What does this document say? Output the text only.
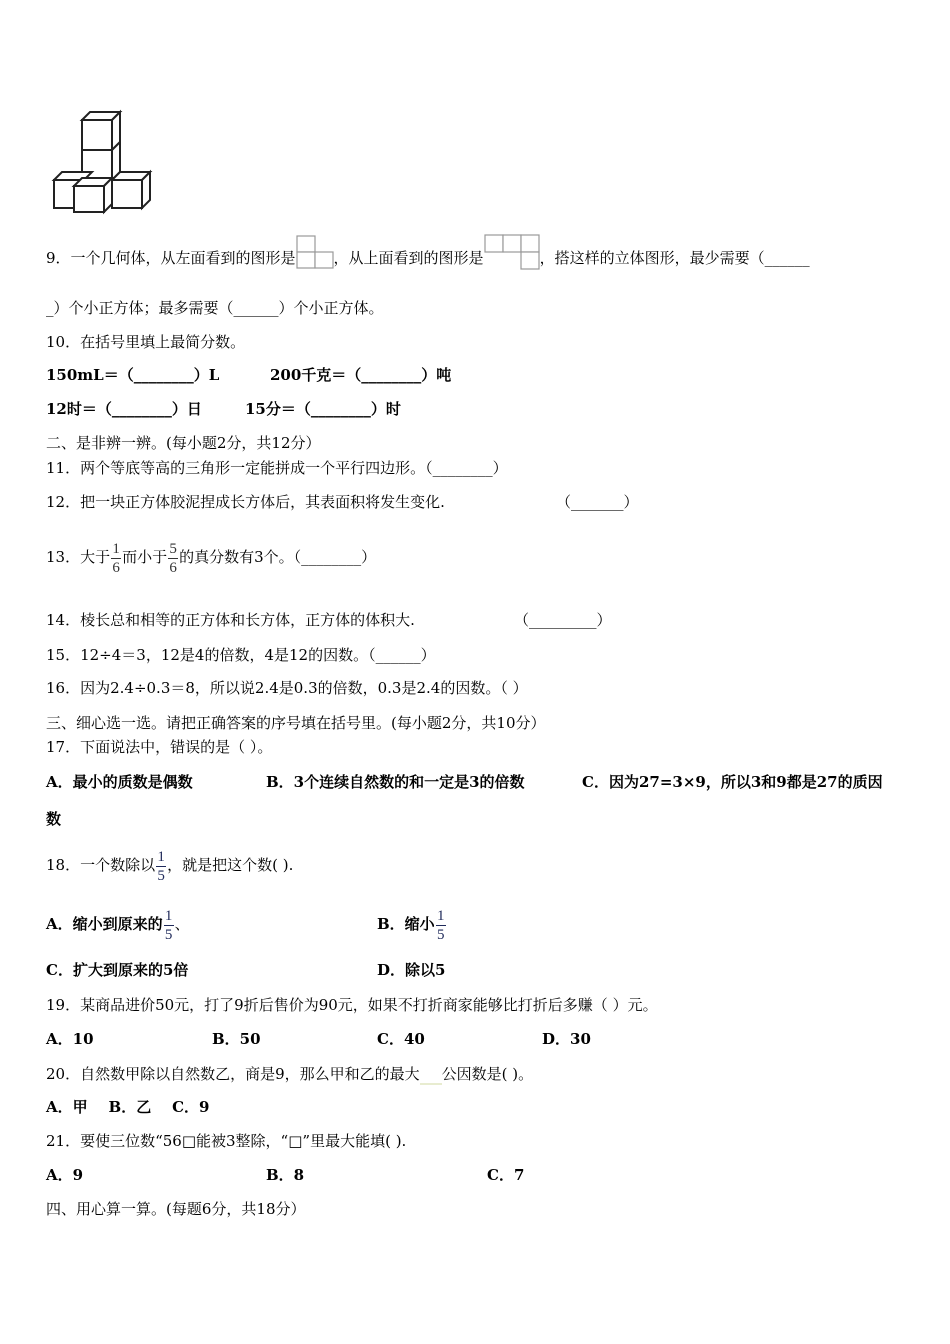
9．一个几何体，从左面看到的图形是	，从上面看到的图形是	，搭这样的立体图形，最少需要（______
_）个小正方体；最多需要（______）个小正方体。
10．在括号里填上最简分数。
150mL＝（________）L	200千克＝（________）吨
12时＝（________）日	15分＝（________）时
二、是非辨一辨。(每小题2分，共12分）
11．两个等底等高的三角形一定能拼成一个平行四边形。（________）
12．把一块正方体胶泥捏成长方体后，其表面积将发生变化.	（_______）
13．大于 $\frac{1}{6}$ 而小于 $\frac{5}{6}$ 的真分数有3个。（________）
14．棱长总和相等的正方体和长方体，正方体的体积大.	（_________）
15．12÷4＝3，12是4的倍数，4是12的因数。（______）
16．因为2.4÷0.3＝8，所以说2.4是0.3的倍数，0.3是2.4的因数。（ ）
三、细心选一选。请把正确答案的序号填在括号里。(每小题2分，共10分）
17．下面说法中，错误的是（ ）。
A．最小的质数是偶数	B．3个连续自然数的和一定是3的倍数	C．因为27=3×9，所以3和9都是27的质因
数
18．一个数除以 $\frac{1}{5}$ ，就是把这个数( ).
A．缩小到原来的 $\frac{1}{5}$ 、	B．缩小 $\frac{1}{5}$
C．扩大到原来的5倍	D．除以5
19．某商品进价50元，打了9折后售价为90元，如果不打折商家能够比打折后多赚（ ）元。
A．10	B．50	C．40	D．30
20．自然数甲除以自然数乙，商是9，那么甲和乙的最大 公因数是( )。
A．甲    B．乙    C．9
21．要使三位数“56□能被3整除，“□”里最大能填( ).
A．9	B．8	C．7
四、用心算一算。(每题6分，共18分）
